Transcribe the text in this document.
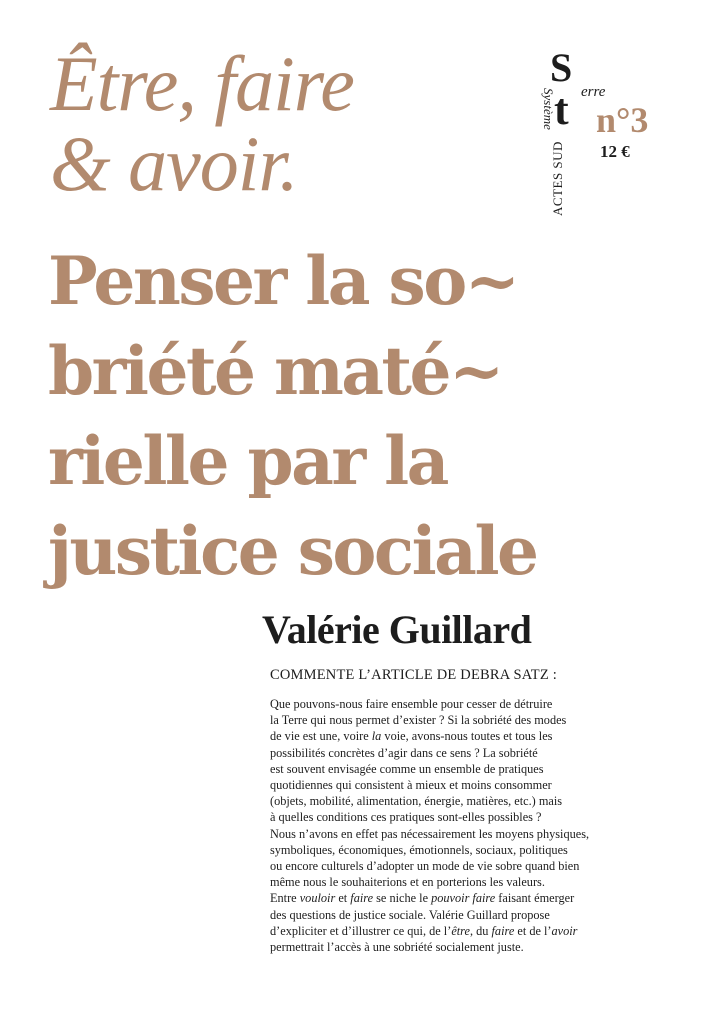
Être, faire
& avoir.
Penser la so~
briété maté~
rielle par la
justice sociale
S
t erre
Système
ACTES SUD
n°3
12 €
Valérie Guillard
COMMENTE L’ARTICLE DE DEBRA SATZ :
Que pouvons-nous faire ensemble pour cesser de détruire
la Terre qui nous permet d’exister ? Si la sobriété des modes
de vie est une, voire la voie, avons-nous toutes et tous les
possibilités concrètes d’agir dans ce sens ? La sobriété
est souvent envisagée comme un ensemble de pratiques
quotidiennes qui consistent à mieux et moins consommer
(objets, mobilité, alimentation, énergie, matières, etc.) mais
à quelles conditions ces pratiques sont-elles possibles ?
Nous n’avons en effet pas nécessairement les moyens physiques,
symboliques, économiques, émotionnels, sociaux, politiques
ou encore culturels d’adopter un mode de vie sobre quand bien
même nous le souhaiterions et en porterions les valeurs.
Entre vouloir et faire se niche le pouvoir faire faisant émerger
des questions de justice sociale. Valérie Guillard propose
d’expliciter et d’illustrer ce qui, de l’être, du faire et de l’avoir
permettrait l’accès à une sobriété socialement juste.
